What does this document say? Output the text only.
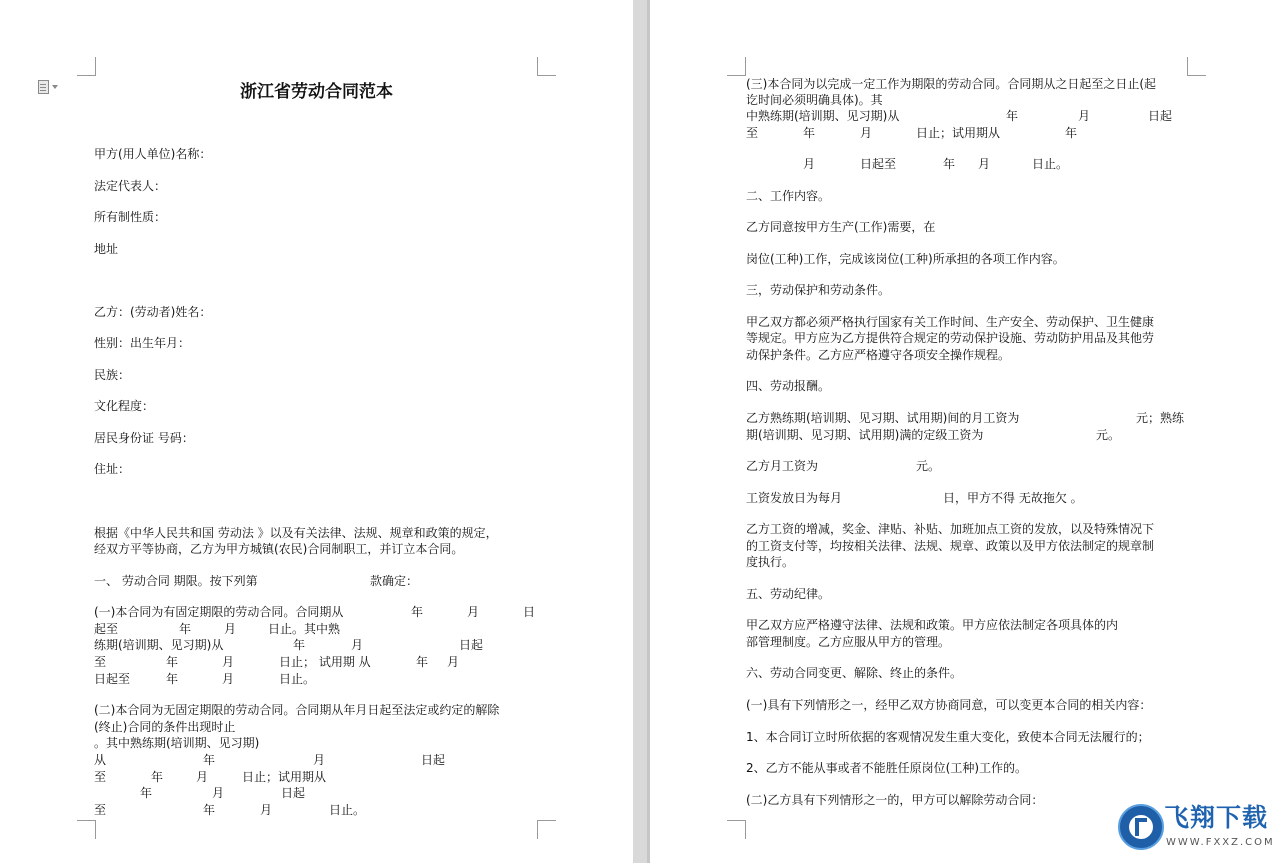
浙江省劳动合同范本
甲方(用人单位)名称：
法定代表人：
所有制性质：
地址
乙方：(劳动者)姓名：
性别：出生年月：
民族：
文化程度：
居民身份证 号码：
住址：
根据《中华人民共和国 劳动法 》以及有关法律、法规、规章和政策的规定，
经双方平等协商，乙方为甲方城镇(农民)合同制职工，并订立本合同。
一、 劳动合同 期限。按下列第	款确定：
(一)本合同为有固定期限的劳动合同。合同期从	年	月	日
起至	年	月	日止。其中熟
练期(培训期、见习期)从	年	月	日起
至	年	月	日止； 试用期 从	年 月
日起至	年	月	日止。
(二)本合同为无固定期限的劳动合同。合同期从年月日起至法定或约定的解除
(终止)合同的条件出现时止
。其中熟练期(培训期、见习期)
从	年	月	日起
至	年	月	日止；试用期从
年	月	日起
至	年	月	日止。
(三)本合同为以完成一定工作为期限的劳动合同。合同期从之日起至之日止(起
讫时间必须明确具体)。其
中熟练期(培训期、见习期)从	年	月	日起
至	年	月	日止；试用期从	年
月	日起至	年 月	日止。
二、工作内容。
乙方同意按甲方生产(工作)需要，在
岗位(工种)工作，完成该岗位(工种)所承担的各项工作内容。
三，劳动保护和劳动条件。
甲乙双方都必须严格执行国家有关工作时间、生产安全、劳动保护、卫生健康
等规定。甲方应为乙方提供符合规定的劳动保护设施、劳动防护用品及其他劳
动保护条件。乙方应严格遵守各项安全操作规程。
四、劳动报酬。
乙方熟练期(培训期、见习期、试用期)间的月工资为	元；熟练
期(培训期、见习期、试用期)满的定级工资为	元。
乙方月工资为	元。
工资发放日为每月	日，甲方不得 无故拖欠 。
乙方工资的增减，奖金、津贴、补贴、加班加点工资的发放，以及特殊情况下
的工资支付等，均按相关法律、法规、规章、政策以及甲方依法制定的规章制
度执行。
五、劳动纪律。
甲乙双方应严格遵守法律、法规和政策。甲方应依法制定各项具体的内
部管理制度。乙方应服从甲方的管理。
六、劳动合同变更、解除、终止的条件。
(一)具有下列情形之一，经甲乙双方协商同意，可以变更本合同的相关内容：
1、本合同订立时所依据的客观情况发生重大变化，致使本合同无法履行的；
2、乙方不能从事或者不能胜任原岗位(工种)工作的。
(二)乙方具有下列情形之一的，甲方可以解除劳动合同：
飞翔下载
WWW.FXXZ.COM
